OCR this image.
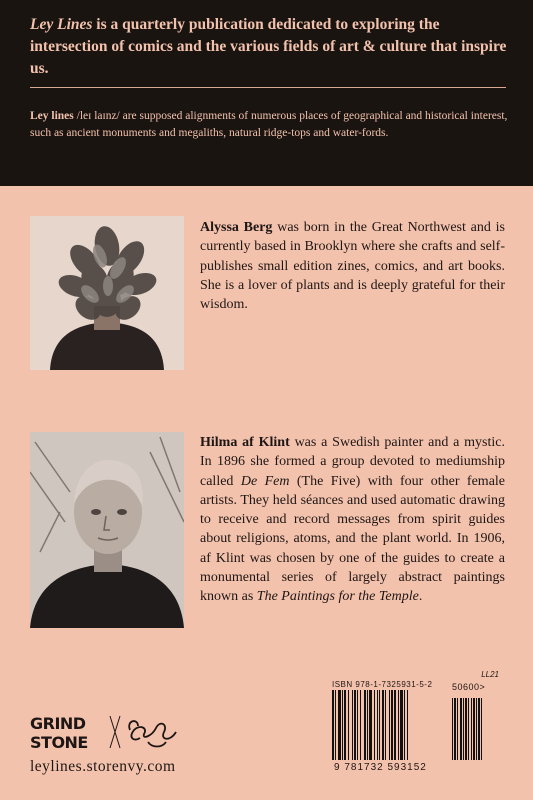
Ley Lines is a quarterly publication dedicated to exploring the intersection of comics and the various fields of art & culture that inspire us.
Ley lines /leɪ laɪnz/ are supposed alignments of numerous places of geographical and historical interest, such as ancient monuments and megaliths, natural ridge-tops and water-fords.
Alyssa Berg was born in the Great Northwest and is currently based in Brooklyn where she crafts and self-publishes small edition zines, comics, and art books. She is a lover of plants and is deeply grateful for their wisdom.
Hilma af Klint was a Swedish painter and a mystic. In 1896 she formed a group devoted to mediumship called De Fem (The Five) with four other female artists. They held séances and used automatic drawing to receive and record messages from spirit guides about religions, atoms, and the plant world. In 1906, af Klint was chosen by one of the guides to create a monumental series of largely abstract paintings known as The Paintings for the Temple.
ISBN 978-1-7325931-5-2
LL21
50600>
9 781732 593152
GRIND
STONE
leylines.storenvy.com
